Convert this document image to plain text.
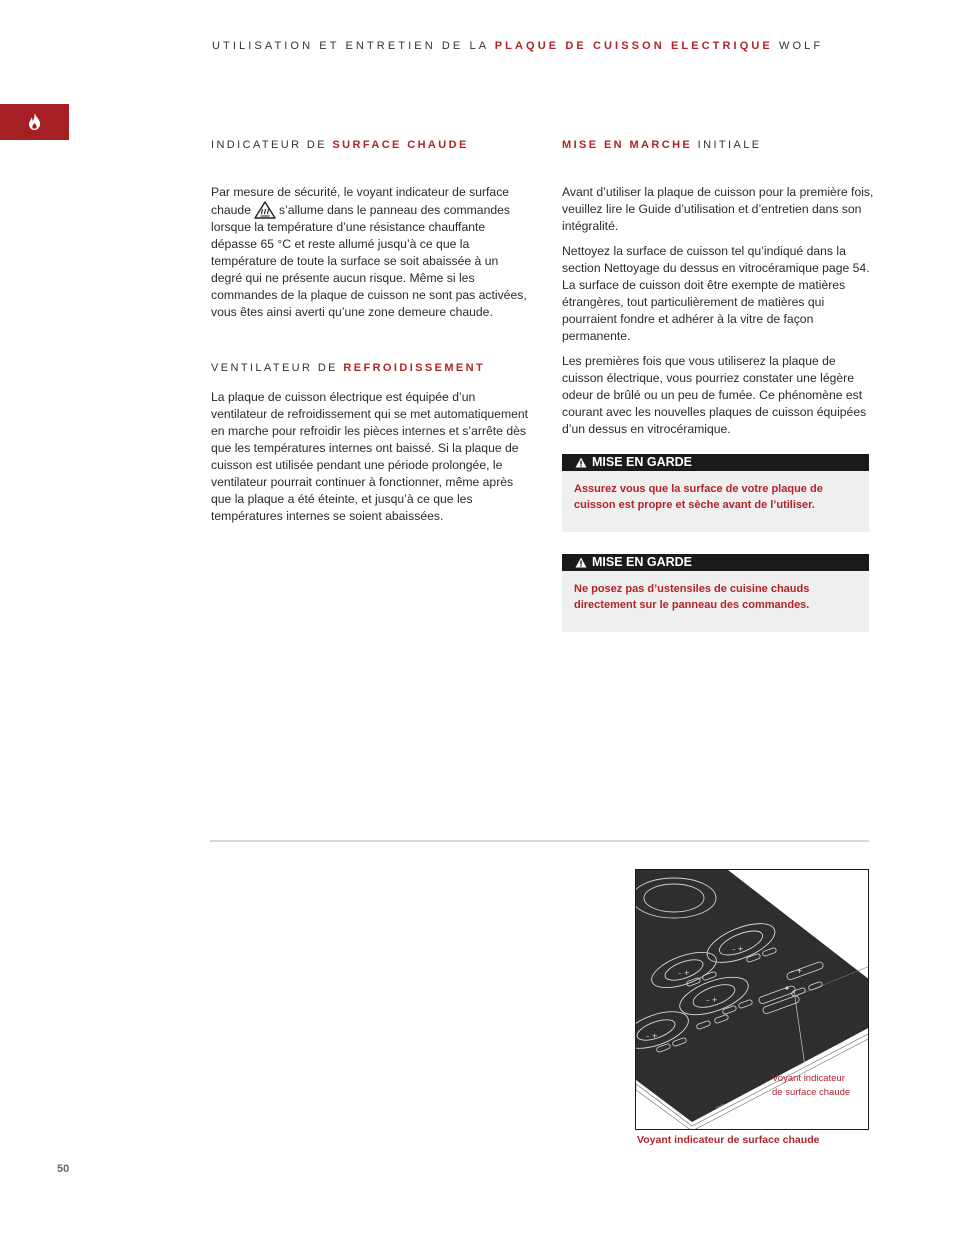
UTILISATION ET ENTRETIEN DE LA PLAQUE DE CUISSON ELECTRIQUE WOLF
INDICATEUR DE SURFACE CHAUDE

Par mesure de sécurité, le voyant indicateur de surface chaude s’allume dans le panneau des commandes lorsque la température d’une résistance chauffante dépasse 65 °C et reste allumé jusqu’à ce que la température de toute la surface se soit abaissée à un degré qui ne présente aucun risque. Même si les commandes de la plaque de cuisson ne sont pas activées, vous êtes ainsi averti qu’une zone demeure chaude.

VENTILATEUR DE REFROIDISSEMENT

La plaque de cuisson électrique est équipée d’un ventilateur de refroidissement qui se met automatiquement en marche pour refroidir les pièces internes et s’arrête dès que les températures internes ont baissé. Si la plaque de cuisson est utilisée pendant une période prolongée, le ventilateur pourrait continuer à fonctionner, même après que la plaque a été éteinte, et jusqu’à ce que les températures internes se soient abaissées.

MISE EN MARCHE INITIALE

Avant d’utiliser la plaque de cuisson pour la première fois, veuillez lire le Guide d’utilisation et d’entretien dans son intégralité.

Nettoyez la surface de cuisson tel qu’indiqué dans la section Nettoyage du dessus en vitrocéramique page 54. La surface de cuisson doit être exempte de matières étrangères, tout particulièrement de matières qui pourraient fondre et adhérer à la vitre de façon permanente.

Les premières fois que vous utiliserez la plaque de cuisson électrique, vous pourriez constater une légère odeur de brûlé ou un peu de fumée. Ce phénomène est courant avec les nouvelles plaques de cuisson équipées d’un dessus en vitrocéramique.

MISE EN GARDE
Assurez vous que la surface de votre plaque de cuisson est propre et sèche avant de l’utiliser.
MISE EN GARDE
Ne posez pas d’ustensiles de cuisine chauds directement sur le panneau des commandes.
– +
– +
– +
– +
– +
Voyant indicateur
de surface chaude
Voyant indicateur de surface chaude
50
